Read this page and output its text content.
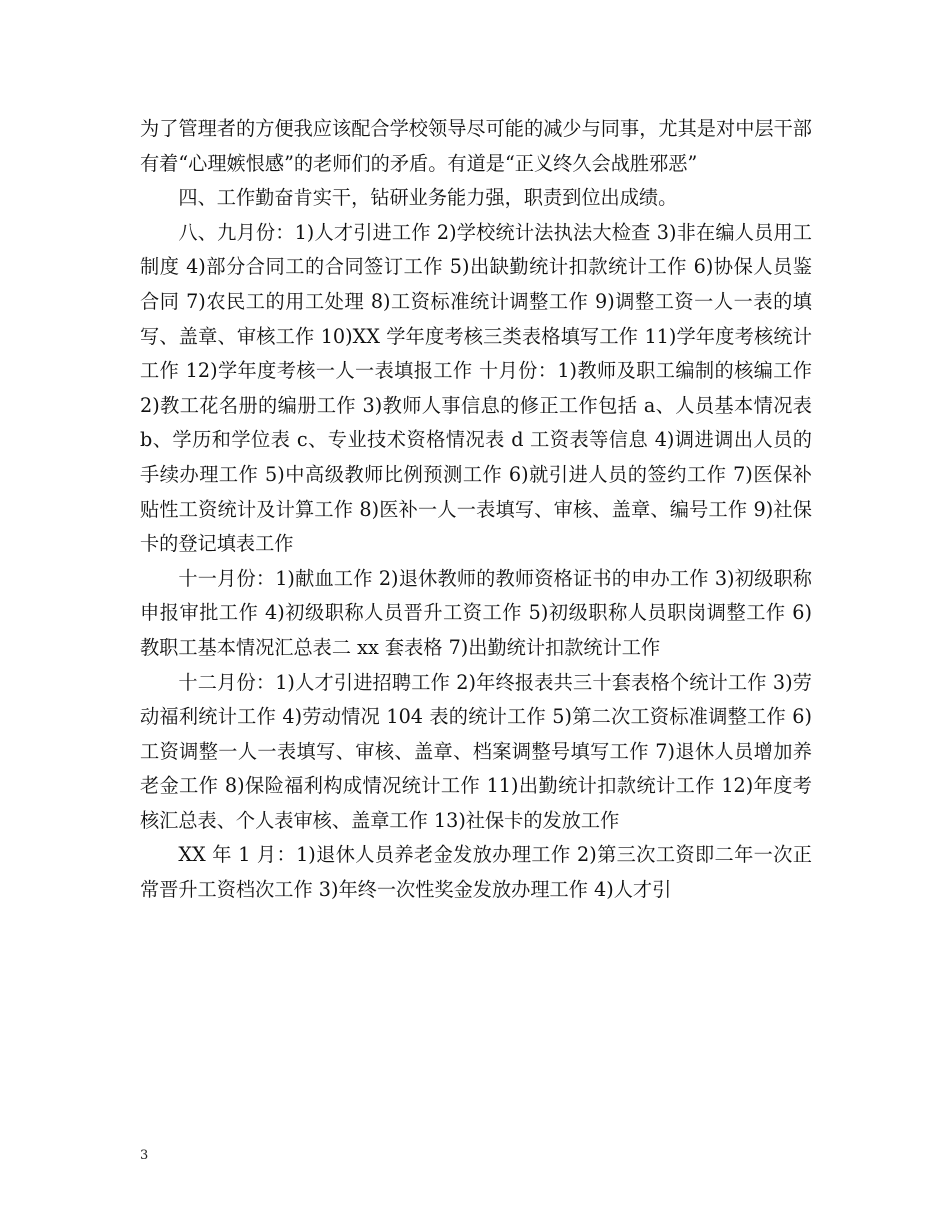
为了管理者的方便我应该配合学校领导尽可能的减少与同事，尤其是对中层干部有着“心理嫉恨感”的老师们的矛盾。有道是“正义终久会战胜邪恶”

四、工作勤奋肯实干，钻研业务能力强，职责到位出成绩。

八、九月份：1)人才引进工作 2)学校统计法执法大检查 3)非在编人员用工制度 4)部分合同工的合同签订工作 5)出缺勤统计扣款统计工作 6)协保人员鉴合同 7)农民工的用工处理 8)工资标准统计调整工作 9)调整工资一人一表的填写、盖章、审核工作 10)XX 学年度考核三类表格填写工作 11)学年度考核统计工作 12)学年度考核一人一表填报工作 十月份：1)教师及职工编制的核编工作 2)教工花名册的编册工作 3)教师人事信息的修正工作包括 a、人员基本情况表 b、学历和学位表 c、专业技术资格情况表 d 工资表等信息 4)调进调出人员的手续办理工作 5)中高级教师比例预测工作 6)就引进人员的签约工作 7)医保补贴性工资统计及计算工作 8)医补一人一表填写、审核、盖章、编号工作 9)社保卡的登记填表工作

十一月份：1)献血工作 2)退休教师的教师资格证书的申办工作 3)初级职称申报审批工作 4)初级职称人员晋升工资工作 5)初级职称人员职岗调整工作 6)教职工基本情况汇总表二 xx 套表格 7)出勤统计扣款统计工作

十二月份：1)人才引进招聘工作 2)年终报表共三十套表格个统计工作 3)劳动福利统计工作 4)劳动情况 104 表的统计工作 5)第二次工资标准调整工作 6)工资调整一人一表填写、审核、盖章、档案调整号填写工作 7)退休人员增加养老金工作 8)保险福利构成情况统计工作 11)出勤统计扣款统计工作 12)年度考核汇总表、个人表审核、盖章工作 13)社保卡的发放工作

XX 年 1 月：1)退休人员养老金发放办理工作 2)第三次工资即二年一次正常晋升工资档次工作 3)年终一次性奖金发放办理工作 4)人才引

3
